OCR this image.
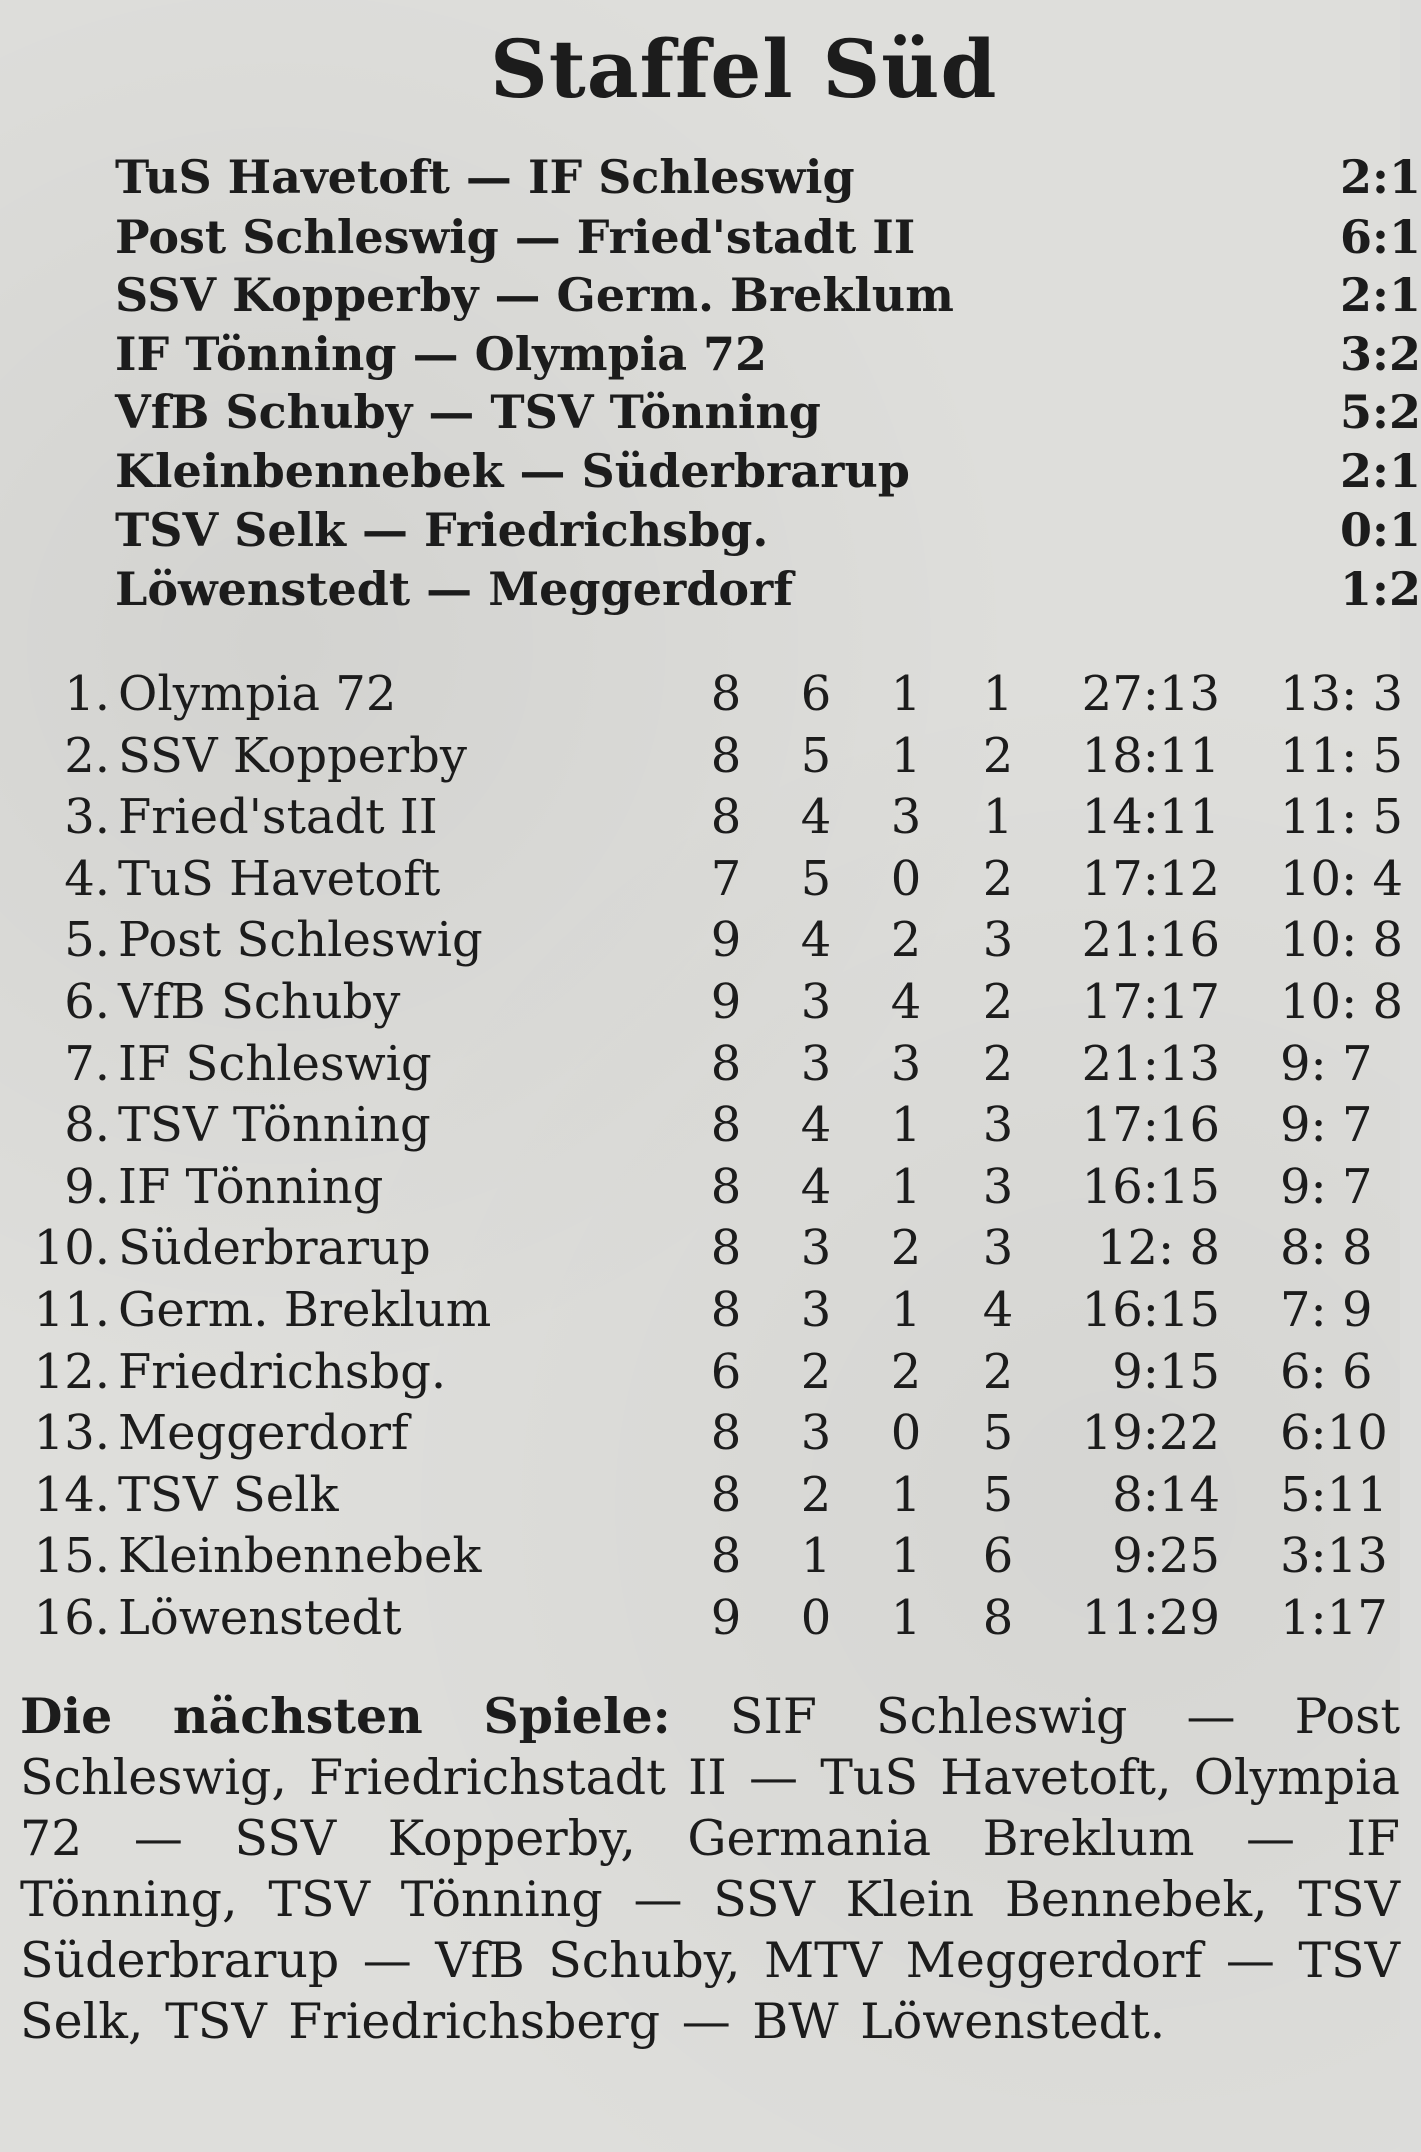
Staffel Süd
TuS Havetoft — IF Schleswig	2:1
Post Schleswig — Fried'stadt II	6:1
SSV Kopperby — Germ. Breklum	2:1
IF Tönning — Olympia 72	3:2
VfB Schuby — TSV Tönning	5:2
Kleinbennebek — Süderbrarup	2:1
TSV Selk — Friedrichsbg.	0:1
Löwenstedt — Meggerdorf	1:2
1. Olympia 72	8 6 1 1	27:13 13: 3
2. SSV Kopperby	8 5 1 2	18:11 11: 5
3. Fried'stadt II	8 4 3 1	14:11 11: 5
4. TuS Havetoft	7 5 0 2	17:12 10: 4
5. Post Schleswig	9 4 2 3	21:16 10: 8
6. VfB Schuby	9 3 4 2	17:17 10: 8
7. IF Schleswig	8 3 3 2	21:13 9: 7
8. TSV Tönning	8 4 1 3	17:16 9: 7
9. IF Tönning	8 4 1 3	16:15 9: 7
10. Süderbrarup	8 3 2 3	12: 8 8: 8
11. Germ. Breklum	8 3 1 4	16:15 7: 9
12. Friedrichsbg.	6 2 2 2	9:15 6: 6
13. Meggerdorf	8 3 0 5	19:22 6:10
14. TSV Selk	8 2 1 5	8:14 5:11
15. Kleinbennebek	8 1 1 6	9:25 3:13
16. Löwenstedt	9 0 1 8	11:29 1:17

Die nächsten Spiele: SIF Schleswig — Post Schleswig, Friedrichstadt II — TuS Havetoft, Olympia 72 — SSV Kopperby, Germania Breklum — IF Tönning, TSV Tönning — SSV Klein Bennebek, TSV Süderbrarup — VfB Schuby, MTV Meggerdorf — TSV Selk, TSV Friedrichsberg — BW Löwenstedt.
